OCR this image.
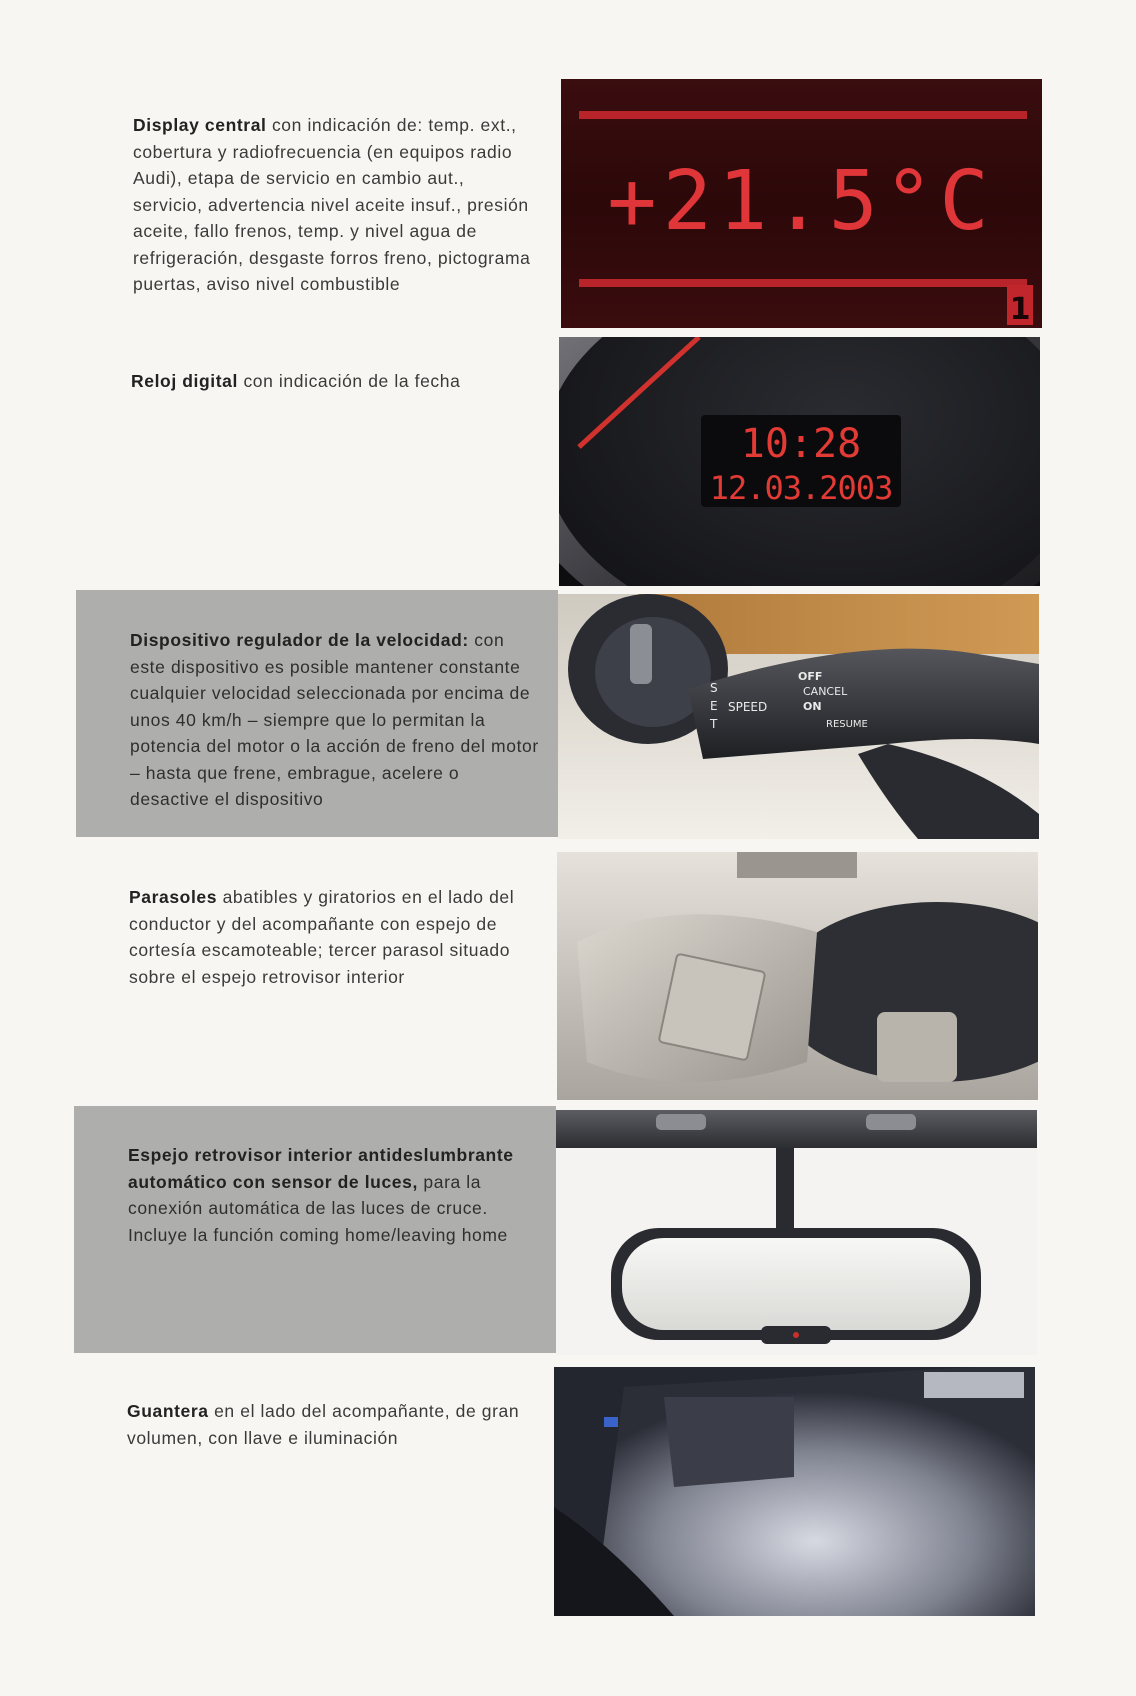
Display central con indicación de: temp. ext., cobertura y radiofrecuencia (en equipos radio Audi), etapa de servicio en cambio aut., servicio, advertencia nivel aceite insuf., presión aceite, fallo frenos, temp. y nivel agua de refrigeración, desgaste forros freno, pictograma puertas, aviso nivel combustible
+21.5°C
1
Reloj digital con indicación de la fecha
10:28
12.03.2003
Dispositivo regulador de la velocidad: con este dispositivo es posible mantener constante cualquier velocidad seleccionada por encima de unos 40 km/h – siempre que lo permitan la potencia del motor o la acción de freno del motor – hasta que frene, embrague, acelere o desactive el dispositivo
S
E
T
SPEED
OFF
CANCEL
ON
RESUME
Parasoles abatibles y giratorios en el lado del conductor y del acompañante con espejo de cortesía escamoteable; tercer parasol situado sobre el espejo retrovisor interior
Espejo retrovisor interior antideslumbrante automático con sensor de luces, para la conexión automática de las luces de cruce. Incluye la función coming home/leaving home
Guantera en el lado del acompañante, de gran volumen, con llave e iluminación
